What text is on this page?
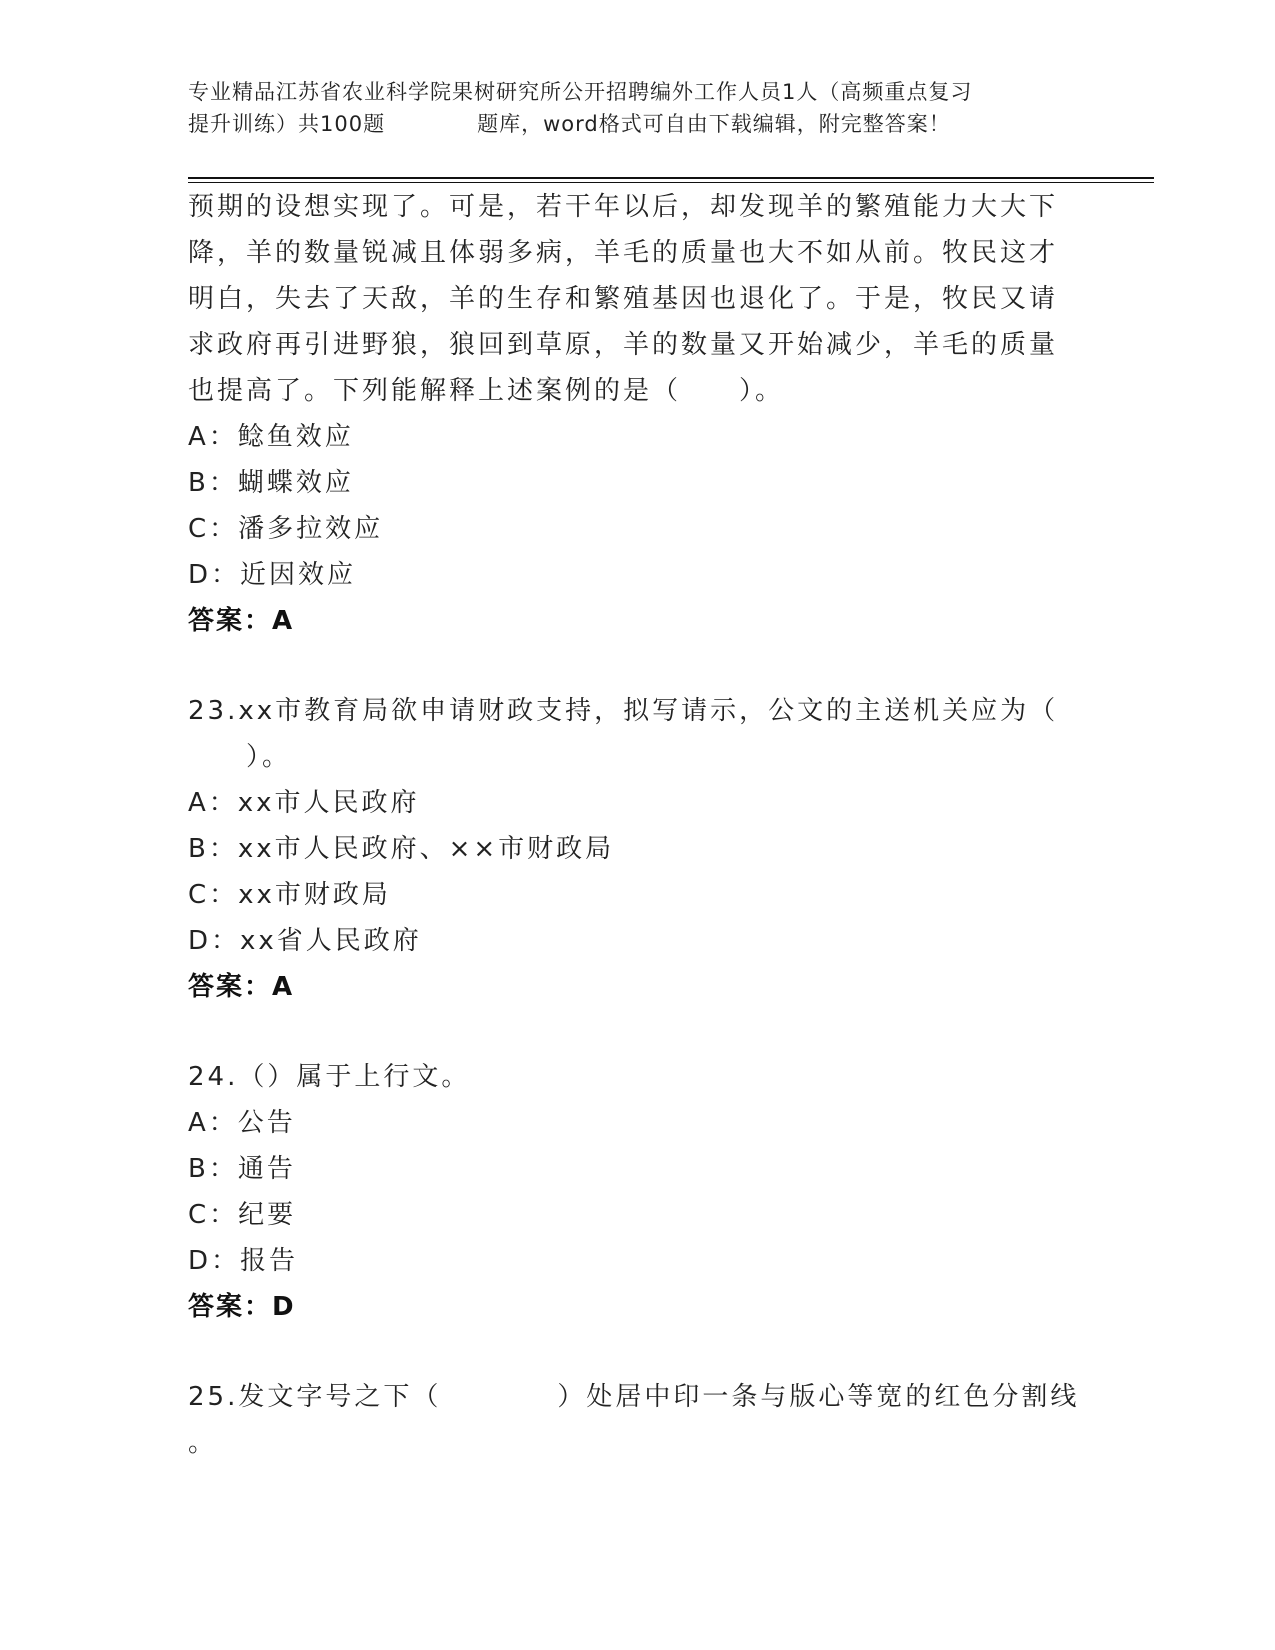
专业精品江苏省农业科学院果树研究所公开招聘编外工作人员1人（高频重点复习
提升训练）共100题	题库，word格式可自由下载编辑，附完整答案！
预期的设想实现了。可是，若干年以后，却发现羊的繁殖能力大大下
降，羊的数量锐减且体弱多病，羊毛的质量也大不如从前。牧民这才
明白，失去了天敌，羊的生存和繁殖基因也退化了。于是，牧民又请
求政府再引进野狼，狼回到草原，羊的数量又开始减少，羊毛的质量
也提高了。下列能解释上述案例的是（　　）。
A：鲶鱼效应
B：蝴蝶效应
C：潘多拉效应
D：近因效应
答案：A
23.xx市教育局欲申请财政支持，拟写请示，公文的主送机关应为（
　　）。
A：xx市人民政府
B：xx市人民政府、××市财政局
C：xx市财政局
D：xx省人民政府
答案：A
24.（）属于上行文。
A：公告
B：通告
C：纪要
D：报告
答案：D
25.发文字号之下（　　　　）处居中印一条与版心等宽的红色分割线
。
